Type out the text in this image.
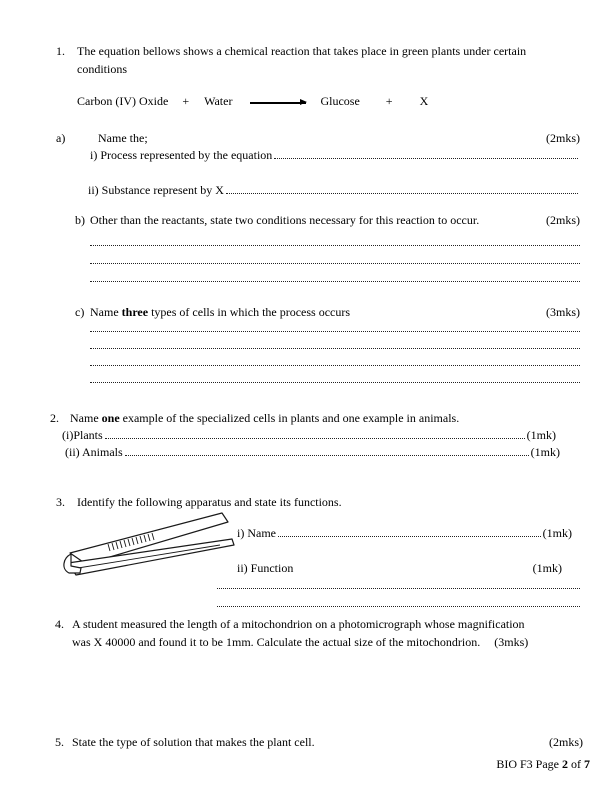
1.	The equation bellows shows a chemical reaction that takes place in green plants under certain
conditions
Carbon (IV) Oxide + Water	Glucose + X
a)	Name the;	(2mks)
i) Process represented by the equation
ii) Substance represent by X
b) Other than the reactants, state two conditions necessary for this reaction to occur.	(2mks)
c) Name three types of cells in which the process occurs	(3mks)
2. Name one example of the specialized cells in plants and one example in animals.
(i)Plants	(1mk)
(ii) Animals	(1mk)
3.	Identify the following apparatus and state its functions.
i) Name	(1mk)
ii) Function	(1mk)
4. A student measured the length of a mitochondrion on a photomicrograph whose magnification
was X 40000 and found it to be 1mm. Calculate the actual size of the mitochondrion. (3mks)
5. State the type of solution that makes the plant cell.	(2mks)
BIO F3 Page 2 of 7
